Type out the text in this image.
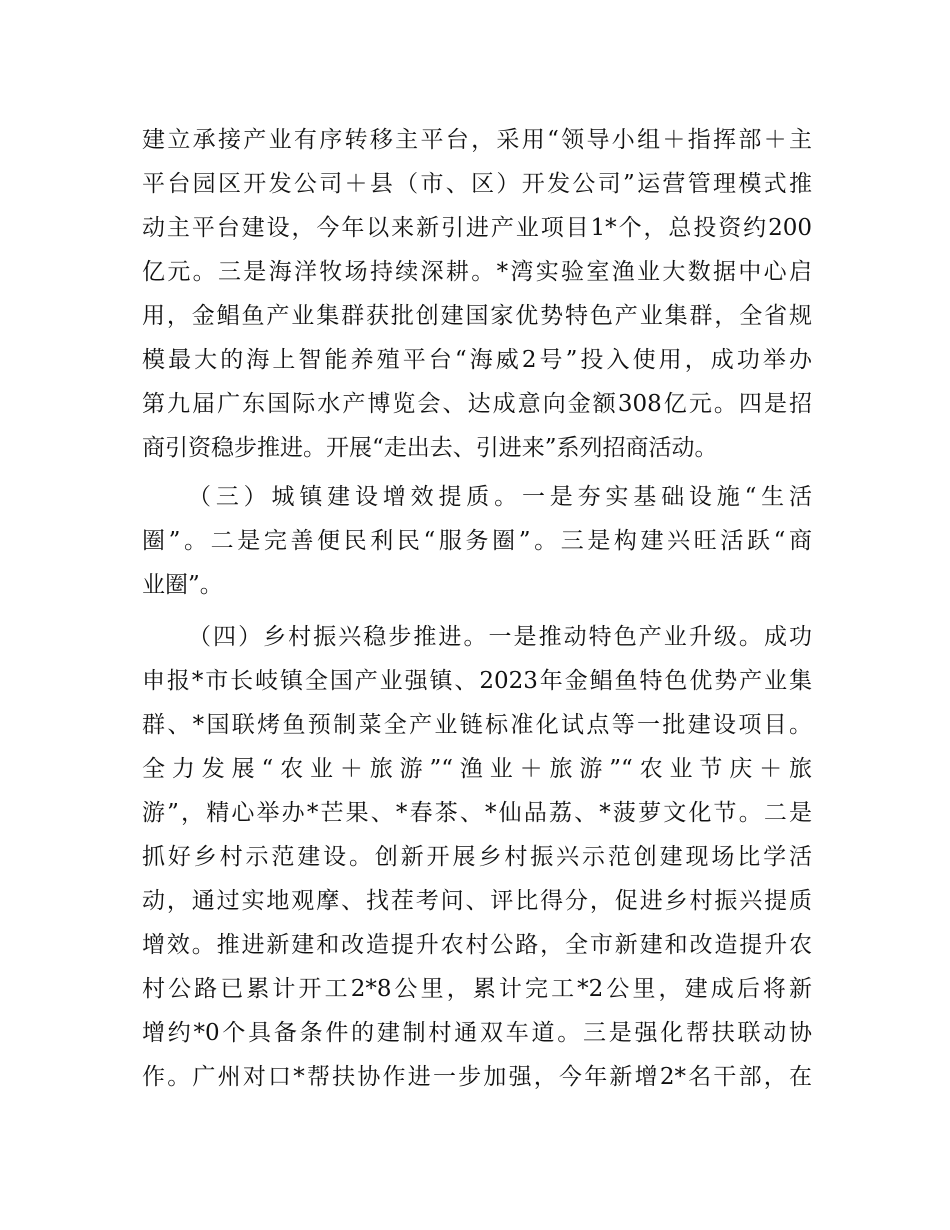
建立承接产业有序转移主平台，采用“领导小组＋指挥部＋主
平台园区开发公司＋县（市、区）开发公司”运营管理模式推
动主平台建设，今年以来新引进产业项目1*个，总投资约200
亿元。三是海洋牧场持续深耕。*湾实验室渔业大数据中心启
用，金鲳鱼产业集群获批创建国家优势特色产业集群，全省规
模最大的海上智能养殖平台“海威2号”投入使用，成功举办
第九届广东国际水产博览会、达成意向金额308亿元。四是招
商引资稳步推进。开展“走出去、引进来”系列招商活动。
（三）城镇建设增效提质。一是夯实基础设施“生活
圈”。二是完善便民利民“服务圈”。三是构建兴旺活跃“商
业圈”。
（四）乡村振兴稳步推进。一是推动特色产业升级。成功
申报*市长岐镇全国产业强镇、2023年金鲳鱼特色优势产业集
群、*国联烤鱼预制菜全产业链标准化试点等一批建设项目。
全力发展“农业＋旅游”“渔业＋旅游”“农业节庆＋旅
游”，精心举办*芒果、*春茶、*仙品荔、*菠萝文化节。二是
抓好乡村示范建设。创新开展乡村振兴示范创建现场比学活
动，通过实地观摩、找茬考问、评比得分，促进乡村振兴提质
增效。推进新建和改造提升农村公路，全市新建和改造提升农
村公路已累计开工2*8公里，累计完工*2公里，建成后将新
增约*0个具备条件的建制村通双车道。三是强化帮扶联动协
作。广州对口*帮扶协作进一步加强，今年新增2*名干部，在
